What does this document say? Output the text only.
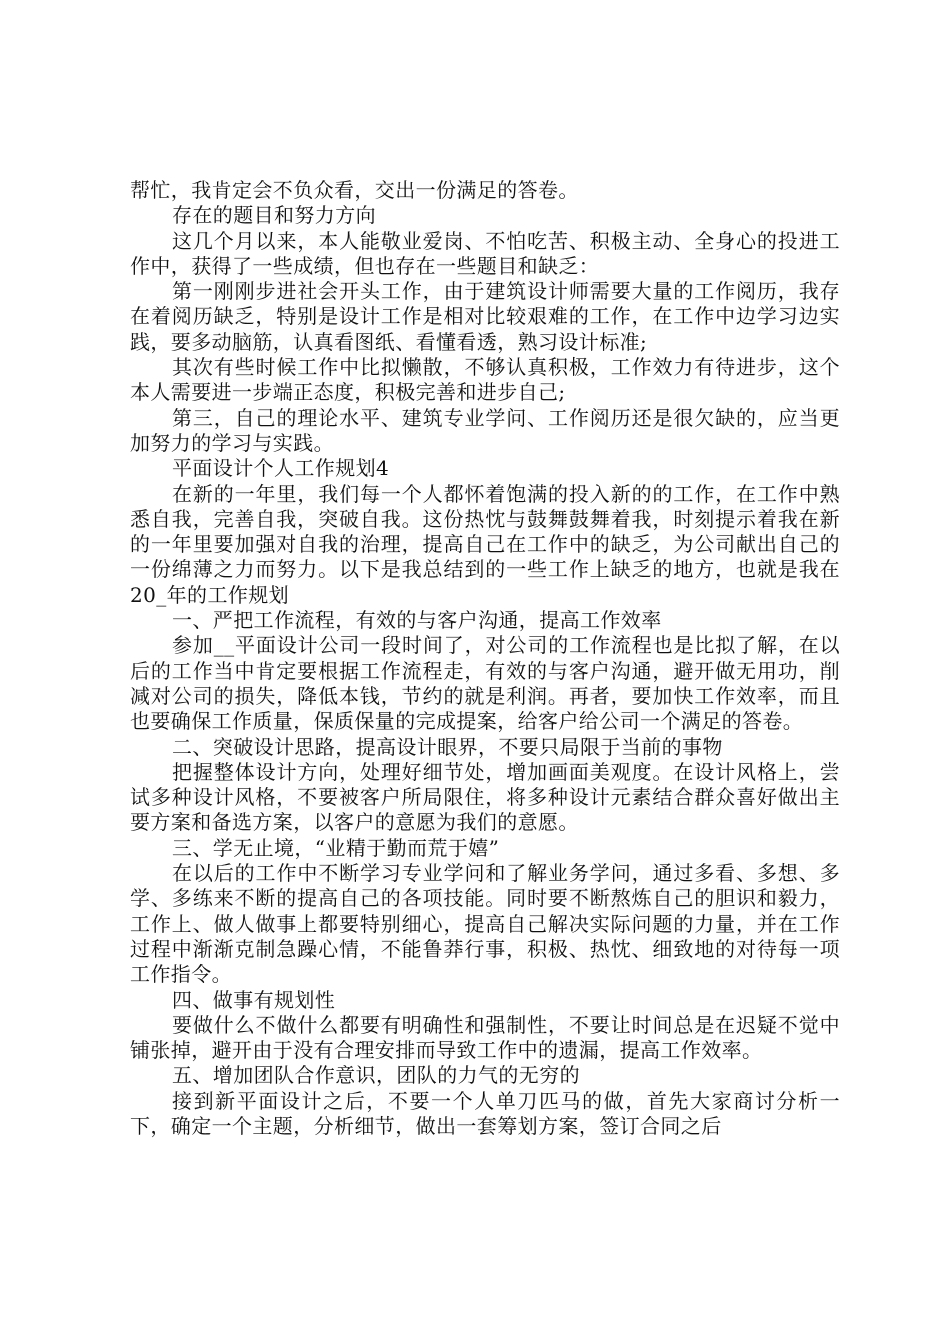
帮忙，我肯定会不负众看，交出一份满足的答卷。

存在的题目和努力方向

这几个月以来，本人能敬业爱岗、不怕吃苦、积极主动、全身心的投进工作中，获得了一些成绩，但也存在一些题目和缺乏：

第一刚刚步进社会开头工作，由于建筑设计师需要大量的工作阅历，我存在着阅历缺乏，特别是设计工作是相对比较艰难的工作，在工作中边学习边实践，要多动脑筋，认真看图纸、看懂看透，熟习设计标准;

其次有些时候工作中比拟懒散，不够认真积极，工作效力有待进步，这个本人需要进一步端正态度，积极完善和进步自己;

第三，自己的理论水平、建筑专业学问、工作阅历还是很欠缺的，应当更加努力的学习与实践。

平面设计个人工作规划4

在新的一年里，我们每一个人都怀着饱满的投入新的的工作，在工作中熟悉自我，完善自我，突破自我。这份热忱与鼓舞鼓舞着我，时刻提示着我在新的一年里要加强对自我的治理，提高自己在工作中的缺乏，为公司献出自己的一份绵薄之力而努力。以下是我总结到的一些工作上缺乏的地方，也就是我在20_年的工作规划

一、严把工作流程，有效的与客户沟通，提高工作效率

参加__平面设计公司一段时间了，对公司的工作流程也是比拟了解，在以后的工作当中肯定要根据工作流程走，有效的与客户沟通，避开做无用功，削减对公司的损失，降低本钱，节约的就是利润。再者，要加快工作效率，而且也要确保工作质量，保质保量的完成提案，给客户给公司一个满足的答卷。

二、突破设计思路，提高设计眼界，不要只局限于当前的事物

把握整体设计方向，处理好细节处，增加画面美观度。在设计风格上，尝试多种设计风格，不要被客户所局限住，将多种设计元素结合群众喜好做出主要方案和备选方案，以客户的意愿为我们的意愿。

三、学无止境，“业精于勤而荒于嬉”

在以后的工作中不断学习专业学问和了解业务学问，通过多看、多想、多学、多练来不断的提高自己的各项技能。同时要不断熬炼自己的胆识和毅力，工作上、做人做事上都要特别细心，提高自己解决实际问题的力量，并在工作过程中渐渐克制急躁心情，不能鲁莽行事，积极、热忱、细致地的对待每一项工作指令。

四、做事有规划性

要做什么不做什么都要有明确性和强制性，不要让时间总是在迟疑不觉中铺张掉，避开由于没有合理安排而导致工作中的遗漏，提高工作效率。

五、增加团队合作意识，团队的力气的无穷的

接到新平面设计之后，不要一个人单刀匹马的做，首先大家商讨分析一下，确定一个主题，分析细节，做出一套筹划方案，签订合同之后
